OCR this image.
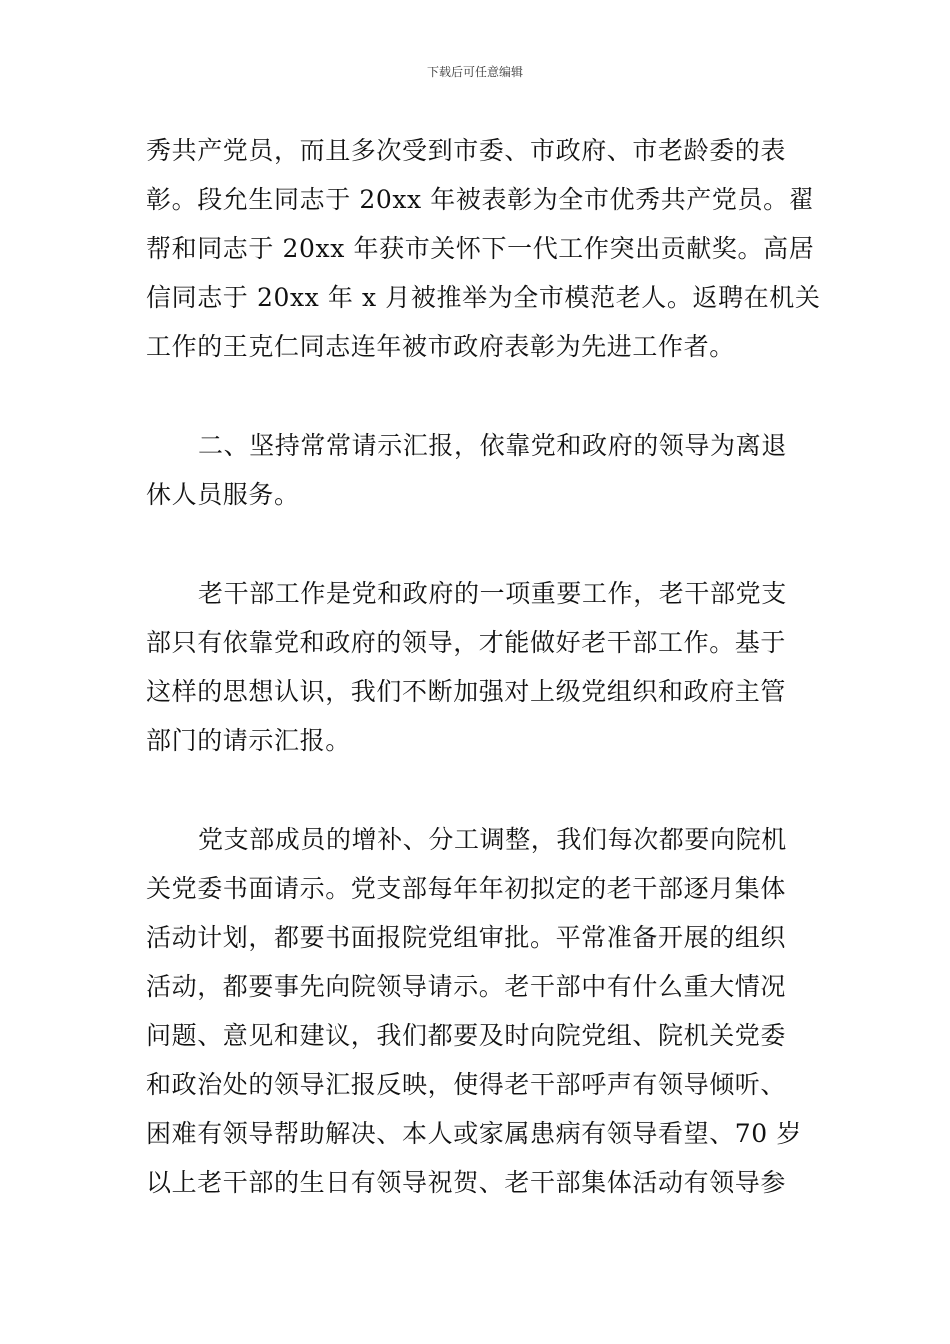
下载后可任意编辑
秀共产党员，而且多次受到市委、市政府、市老龄委的表
彰。段允生同志于 20xx 年被表彰为全市优秀共产党员。翟
帮和同志于 20xx 年获市关怀下一代工作突出贡献奖。高居
信同志于 20xx 年 x 月被推举为全市模范老人。返聘在机关
工作的王克仁同志连年被市政府表彰为先进工作者。
二、坚持常常请示汇报，依靠党和政府的领导为离退
休人员服务。
老干部工作是党和政府的一项重要工作，老干部党支
部只有依靠党和政府的领导，才能做好老干部工作。基于
这样的思想认识，我们不断加强对上级党组织和政府主管
部门的请示汇报。
党支部成员的增补、分工调整，我们每次都要向院机
关党委书面请示。党支部每年年初拟定的老干部逐月集体
活动计划，都要书面报院党组审批。平常准备开展的组织
活动，都要事先向院领导请示。老干部中有什么重大情况
问题、意见和建议，我们都要及时向院党组、院机关党委
和政治处的领导汇报反映，使得老干部呼声有领导倾听、
困难有领导帮助解决、本人或家属患病有领导看望、70 岁
以上老干部的生日有领导祝贺、老干部集体活动有领导参
